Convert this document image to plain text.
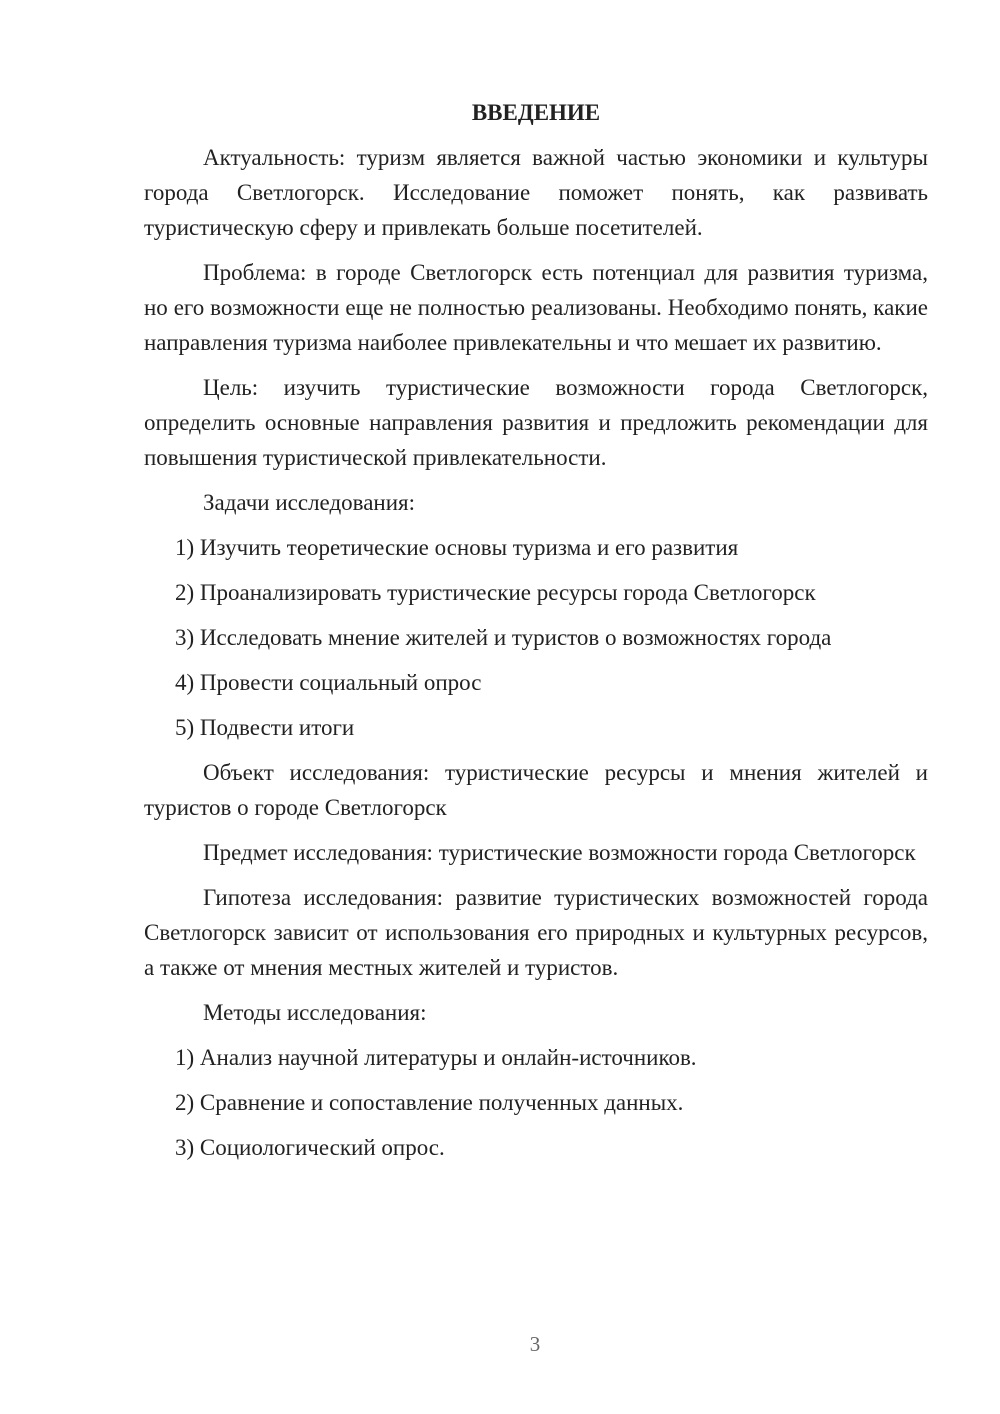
ВВЕДЕНИЕ

Актуальность: туризм является важной частью экономики и культуры города Светлогорск. Исследование поможет понять, как развивать туристическую сферу и привлекать больше посетителей.

Проблема: в городе Светлогорск есть потенциал для развития туризма, но его возможности еще не полностью реализованы. Необходимо понять, какие направления туризма наиболее привлекательны и что мешает их развитию.

Цель: изучить туристические возможности города Светлогорск, определить основные направления развития и предложить рекомендации для повышения туристической привлекательности.

Задачи исследования:

1) Изучить теоретические основы туризма и его развития

2) Проанализировать туристические ресурсы города Светлогорск

3) Исследовать мнение жителей и туристов о возможностях города

4) Провести социальный опрос

5) Подвести итоги

Объект исследования: туристические ресурсы и мнения жителей и туристов о городе Светлогорск

Предмет исследования: туристические возможности города Светлогорск

Гипотеза исследования: развитие туристических возможностей города Светлогорск зависит от использования его природных и культурных ресурсов, а также от мнения местных жителей и туристов.

Методы исследования:

1) Анализ научной литературы и онлайн-источников.

2) Сравнение и сопоставление полученных данных.

3) Социологический опрос.

3
